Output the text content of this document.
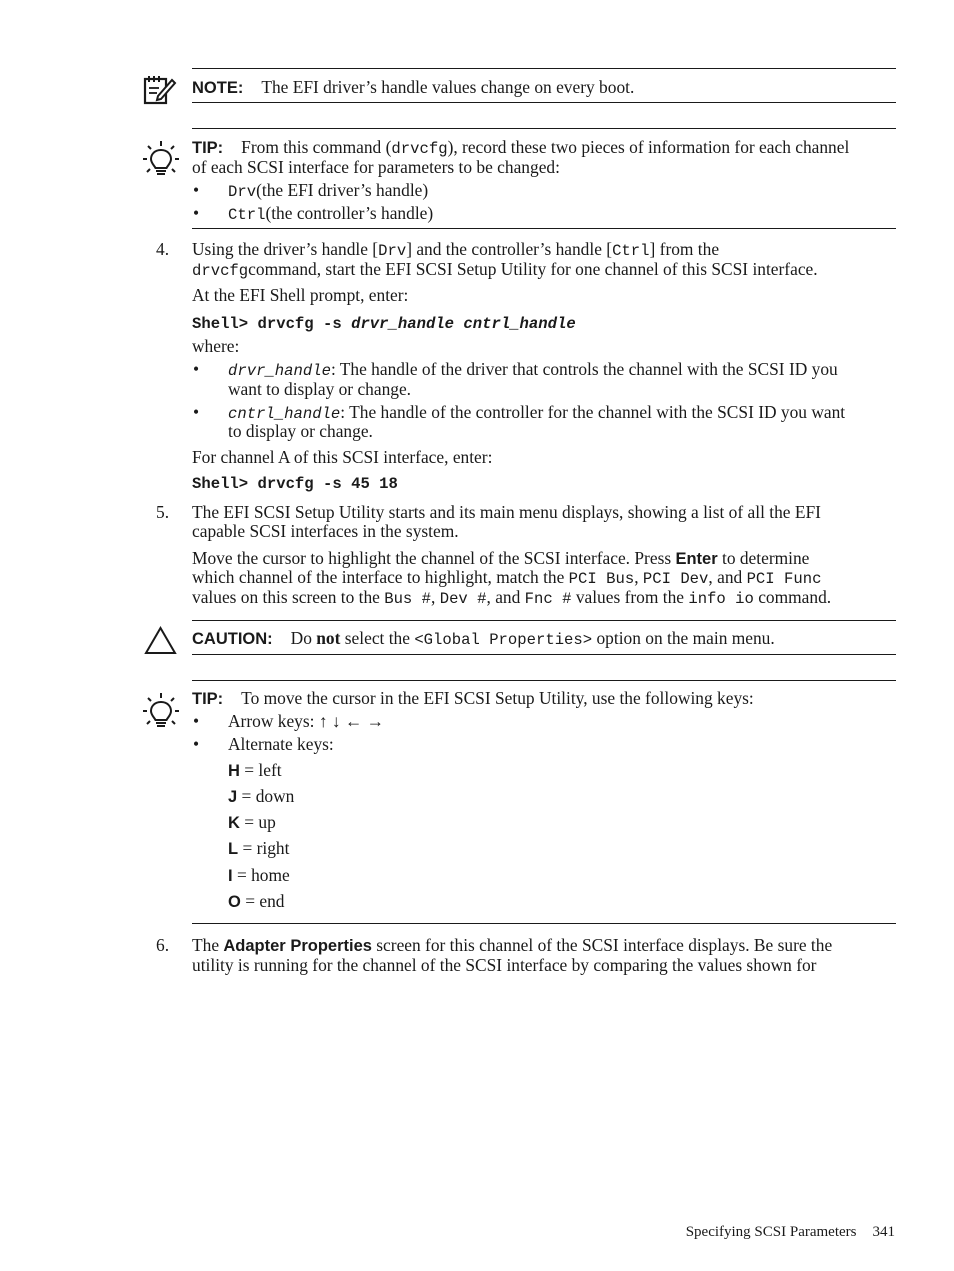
NOTE: The EFI driver’s handle values change on every boot.
TIP: From this command (drvcfg), record these two pieces of information for each channel
of each SCSI interface for parameters to be changed:
• Drv(the EFI driver’s handle)
• Ctrl(the controller’s handle)
4. Using the driver’s handle [Drv] and the controller’s handle [Ctrl] from the
drvcfgcommand, start the EFI SCSI Setup Utility for one channel of this SCSI interface.
At the EFI Shell prompt, enter:
Shell> drvcfg -s drvr_handle cntrl_handle
where:
• drvr_handle: The handle of the driver that controls the channel with the SCSI ID you
want to display or change.
• cntrl_handle: The handle of the controller for the channel with the SCSI ID you want
to display or change.
For channel A of this SCSI interface, enter:
Shell> drvcfg -s 45 18
5. The EFI SCSI Setup Utility starts and its main menu displays, showing a list of all the EFI
capable SCSI interfaces in the system.
Move the cursor to highlight the channel of the SCSI interface. Press Enter to determine
which channel of the interface to highlight, match the PCI Bus, PCI Dev, and PCI Func
values on this screen to the Bus #, Dev #, and Fnc # values from the info io command.
CAUTION: Do not select the <Global Properties> option on the main menu.
TIP: To move the cursor in the EFI SCSI Setup Utility, use the following keys:
• Arrow keys: ↑ ↓ ← →
• Alternate keys:
H = left
J = down
K = up
L = right
I = home
O = end
6. The Adapter Properties screen for this channel of the SCSI interface displays. Be sure the
utility is running for the channel of the SCSI interface by comparing the values shown for
Specifying SCSI Parameters 341
